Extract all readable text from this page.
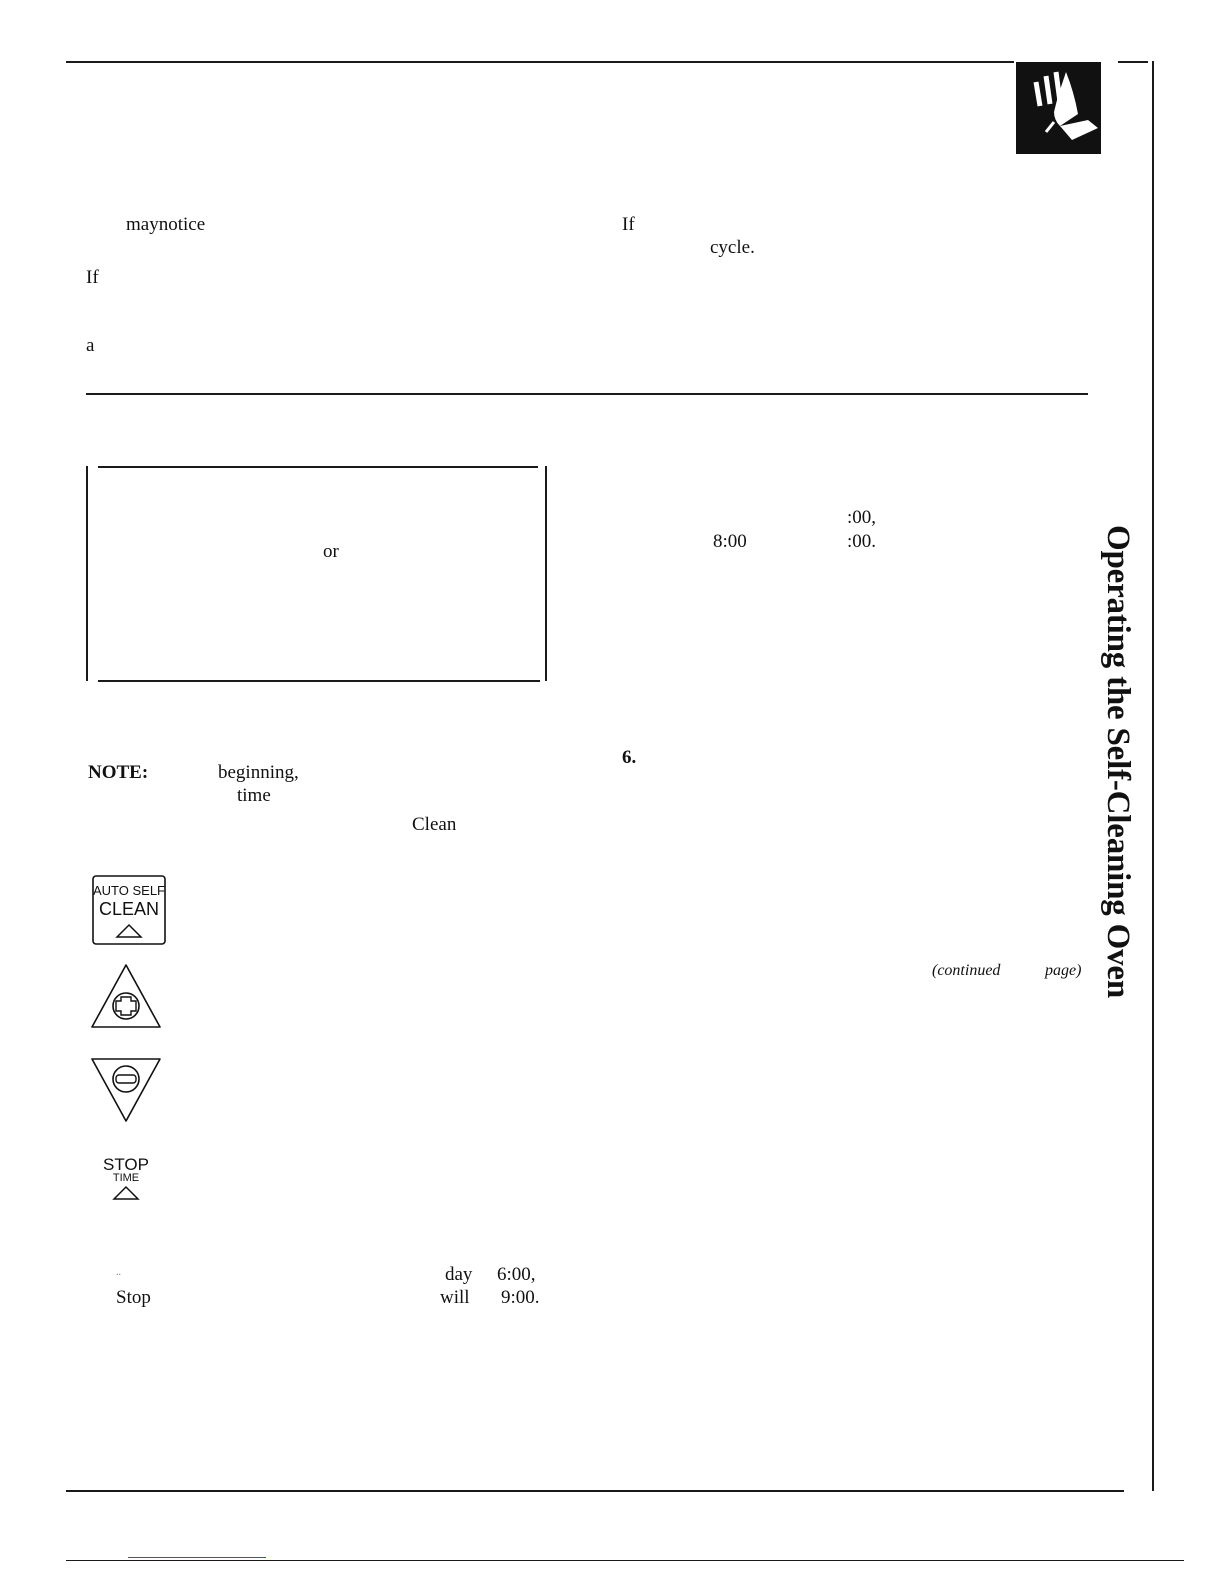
maynotice
If
a
If
cycle.
or
NOTE:	beginning,
time
Clean
AUTO SELF
CLEAN
STOP
TIME
..
Stop
day 6:00,
will 9:00.
:00,
8:00	:00.
6.
(continued	page) Operating the Self-Cleaning Oven
